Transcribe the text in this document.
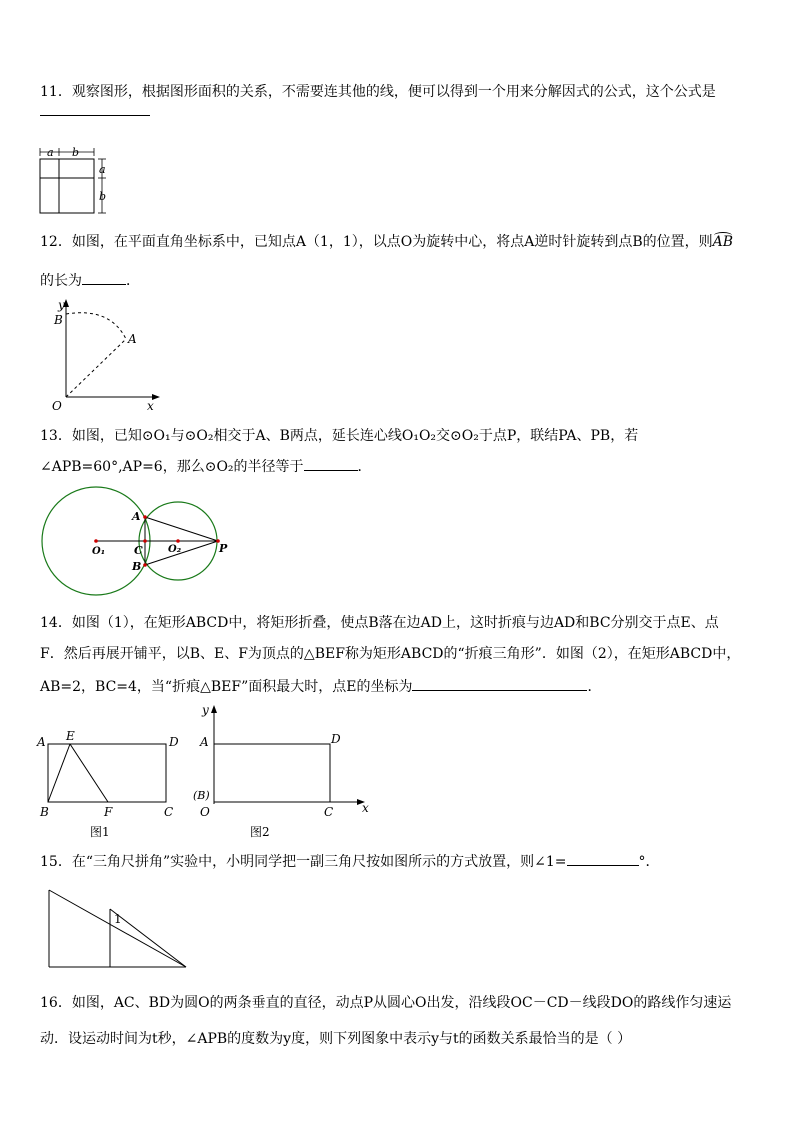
11．观察图形，根据图形面积的关系，不需要连其他的线，便可以得到一个用来分解因式的公式，这个公式是
a b
a
b
12．如图，在平面直角坐标系中，已知点A（1，1），以点O为旋转中心，将点A逆时针旋转到点B的位置，则
AB
的长为	．
y
B
A
O	x
13．如图，已知⊙O₁与⊙O₂相交于A、B两点，延长连心线O₁O₂交⊙O₂于点P，联结PA、PB，若
∠APB=60°,AP=6，那么⊙O₂的半径等于	．
A
B
C
O₁	O₂	P
14．如图（1），在矩形ABCD中，将矩形折叠，使点B落在边AD上，这时折痕与边AD和BC分别交于点E、点
F．然后再展开铺平，以B、E、F为顶点的△BEF称为矩形ABCD的“折痕三角形”．如图（2），在矩形ABCD中，
AB=2，BC=4，当“折痕△BEF”面积最大时，点E的坐标为	．
A E	D
B	F	C
图1
y
A	D
(B)
O	C x
图2
15．在“三角尺拼角”实验中，小明同学把一副三角尺按如图所示的方式放置，则∠1=	°．
1
16．如图，AC、BD为圆O的两条垂直的直径，动点P从圆心O出发，沿线段OC－CD－线段DO的路线作匀速运
动．设运动时间为t秒，∠APB的度数为y度，则下列图象中表示y与t的函数关系最恰当的是（ ）
